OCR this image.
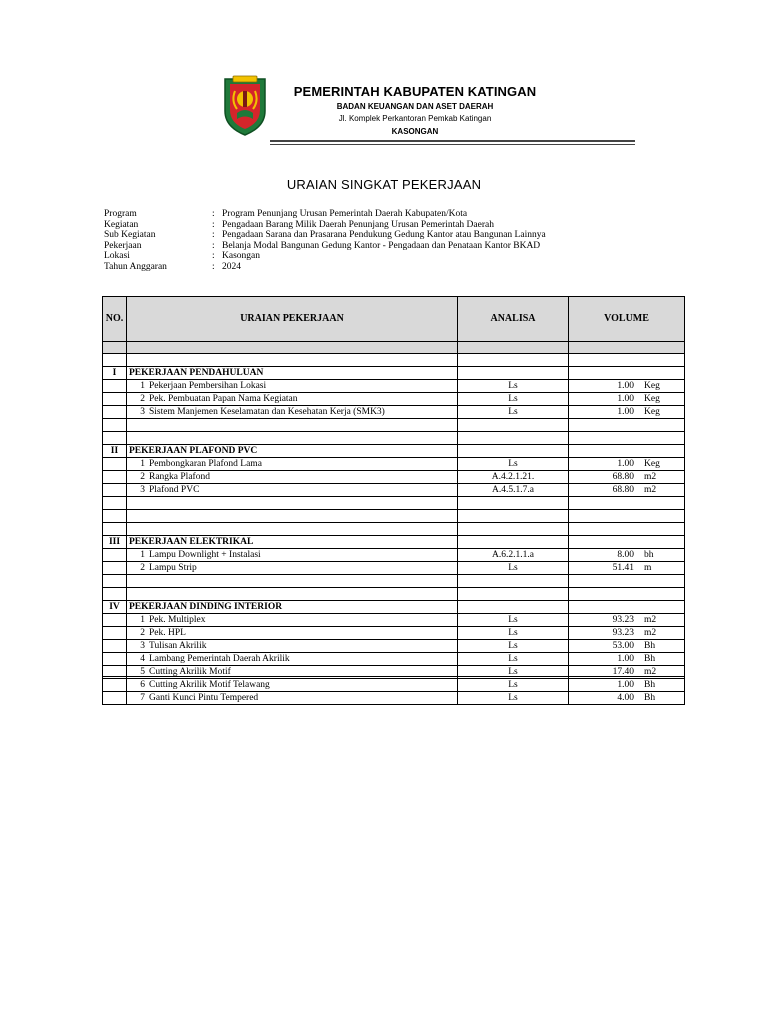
PEMERINTAH KABUPATEN KATINGAN
BADAN KEUANGAN DAN ASET DAERAH
Jl. Komplek Perkantoran Pemkab Katingan
KASONGAN
URAIAN SINGKAT PEKERJAAN
Program	: Program Penunjang Urusan Pemerintah Daerah Kabupaten/Kota
Kegiatan	: Pengadaan Barang Milik Daerah Penunjang Urusan Pemerintah Daerah
Sub Kegiatan	: Pengadaan Sarana dan Prasarana Pendukung Gedung Kantor atau Bangunan Lainnya
Pekerjaan	: Belanja Modal Bangunan Gedung Kantor - Pengadaan dan Penataan Kantor BKAD
Lokasi	: Kasongan
Tahun Anggaran	: 2024
NO.	URAIAN PEKERJAAN	ANALISA	VOLUME

I	PEKERJAAN PENDAHULUAN		
	1 Pekerjaan Pembersihan Lokasi	Ls	1.00 Keg

	2 Pek. Pembuatan Papan Nama Kegiatan	Ls	1.00 Keg

	3 Sistem Manjemen Keselamatan dan Kesehatan Kerja (SMK3)	Ls	1.00 Keg

II	PEKERJAAN PLAFOND PVC		
	1 Pembongkaran Plafond Lama	Ls	1.00 Keg

	2 Rangka Plafond	A.4.2.1.21.	68.80 m2

	3 Plafond PVC	A.4.5.1.7.a	68.80 m2

III	PEKERJAAN ELEKTRIKAL		
	1 Lampu Downlight + Instalasi	A.6.2.1.1.a	8.00 bh

	2 Lampu Strip	Ls	51.41 m

IV	PEKERJAAN DINDING INTERIOR		
	1 Pek. Multiplex	Ls	93.23 m2

	2 Pek. HPL	Ls	93.23 m2

	3 Tulisan Akrilik	Ls	53.00 Bh

	4 Lambang Pemerintah Daerah Akrilik	Ls	1.00 Bh

	5 Cutting Akrilik Motif	Ls	17.40 m2

	6 Cutting Akrilik Motif Telawang	Ls	1.00 Bh

	7 Ganti Kunci Pintu Tempered	Ls	4.00 Bh
